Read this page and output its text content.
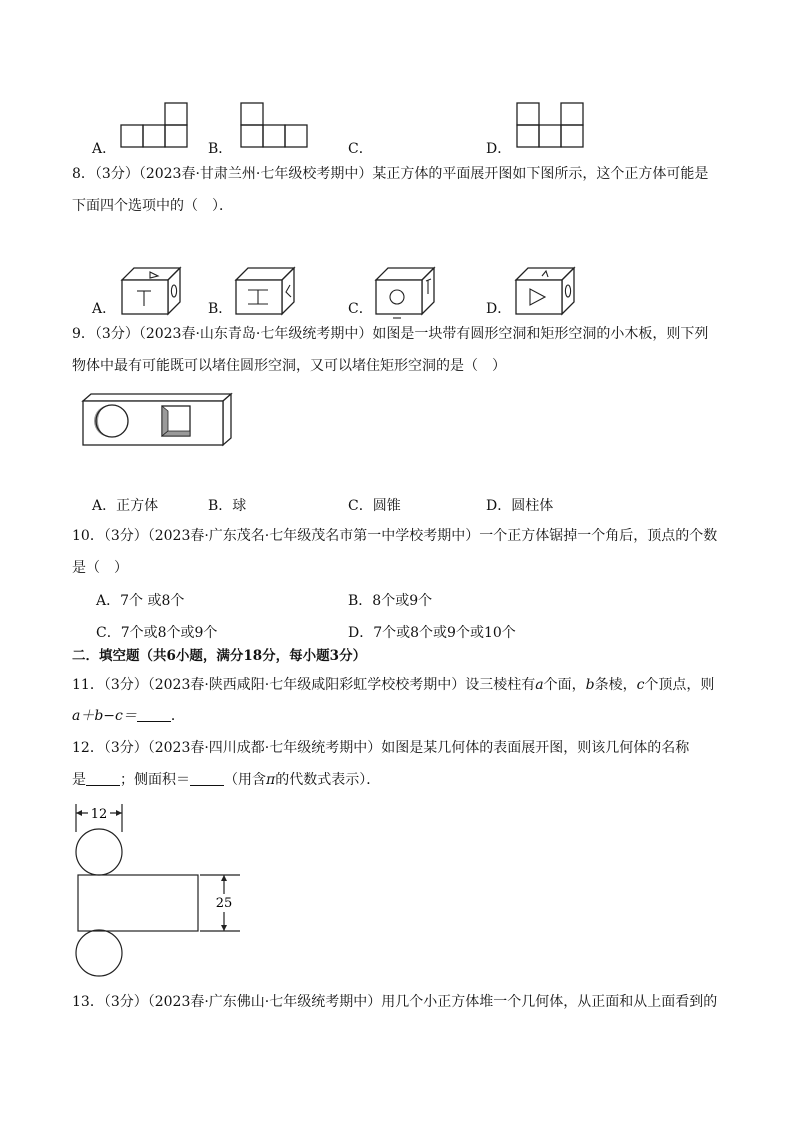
A．	B．	C．	D．
8．（3分）（2023春·甘肃兰州·七年级校考期中）某正方体的平面展开图如下图所示，这个正方体可能是
下面四个选项中的（　）．
A．	B．	C．	D．
9．（3分）（2023春·山东青岛·七年级统考期中）如图是一块带有圆形空洞和矩形空洞的小木板，则下列
物体中最有可能既可以堵住圆形空洞，又可以堵住矩形空洞的是（　）
A．正方体	B．球	C．圆锥	D．圆柱体
10．（3分）（2023春·广东茂名·七年级茂名市第一中学校考期中）一个正方体锯掉一个角后，顶点的个数
是（　）
A．7个 或8个	B．8个或9个
C．7个或8个或9个	D．7个或8个或9个或10个
二．填空题（共6小题，满分18分，每小题3分）
11．（3分）（2023春·陕西咸阳·七年级咸阳彩虹学校校考期中）设三棱柱有a个面，b条棱，c个顶点，则
a＋b−c＝ ．
12．（3分）（2023春·四川成都·七年级统考期中）如图是某几何体的表面展开图，则该几何体的名称
是 ；侧面积＝ （用含π的代数式表示）．
12
25
13．（3分）（2023春·广东佛山·七年级统考期中）用几个小正方体堆一个几何体，从正面和从上面看到的
